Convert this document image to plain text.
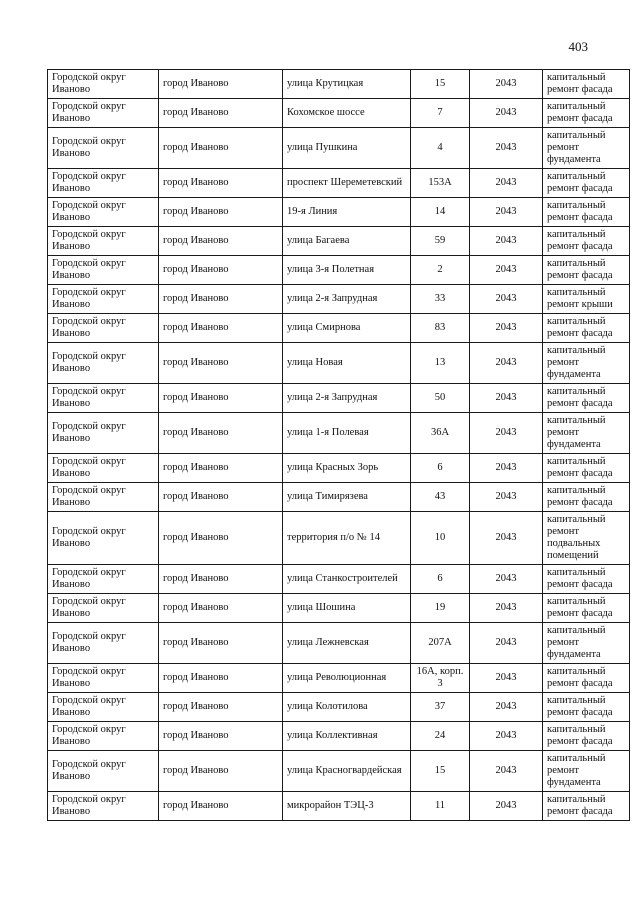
403
Городской округ Иваново	город Иваново	улица Крутицкая	15	2043	капитальный ремонт фасада
Городской округ Иваново	город Иваново	Кохомское шоссе	7	2043	капитальный ремонт фасада
Городской округ Иваново	город Иваново	улица Пушкина	4	2043	капитальный ремонт фундамента
Городской округ Иваново	город Иваново	проспект Шереметевский	153А	2043	капитальный ремонт фасада
Городской округ Иваново	город Иваново	19-я Линия	14	2043	капитальный ремонт фасада
Городской округ Иваново	город Иваново	улица Багаева	59	2043	капитальный ремонт фасада
Городской округ Иваново	город Иваново	улица 3-я Полетная	2	2043	капитальный ремонт фасада
Городской округ Иваново	город Иваново	улица 2-я Запрудная	33	2043	капитальный ремонт крыши
Городской округ Иваново	город Иваново	улица Смирнова	83	2043	капитальный ремонт фасада
Городской округ Иваново	город Иваново	улица Новая	13	2043	капитальный ремонт фундамента
Городской округ Иваново	город Иваново	улица 2-я Запрудная	50	2043	капитальный ремонт фасада
Городской округ Иваново	город Иваново	улица 1-я Полевая	36А	2043	капитальный ремонт фундамента
Городской округ Иваново	город Иваново	улица Красных Зорь	6	2043	капитальный ремонт фасада
Городской округ Иваново	город Иваново	улица Тимирязева	43	2043	капитальный ремонт фасада
Городской округ Иваново	город Иваново	территория п/о № 14	10	2043	капитальный ремонт подвальных помещений
Городской округ Иваново	город Иваново	улица Станкостроителей	6	2043	капитальный ремонт фасада
Городской округ Иваново	город Иваново	улица Шошина	19	2043	капитальный ремонт фасада
Городской округ Иваново	город Иваново	улица Лежневская	207А	2043	капитальный ремонт фундамента
Городской округ Иваново	город Иваново	улица Революционная	16А, корп. 3	2043	капитальный ремонт фасада
Городской округ Иваново	город Иваново	улица Колотилова	37	2043	капитальный ремонт фасада
Городской округ Иваново	город Иваново	улица Коллективная	24	2043	капитальный ремонт фасада
Городской округ Иваново	город Иваново	улица Красногвардейская	15	2043	капитальный ремонт фундамента
Городской округ Иваново	город Иваново	микрорайон ТЭЦ-3	11	2043	капитальный ремонт фасада
